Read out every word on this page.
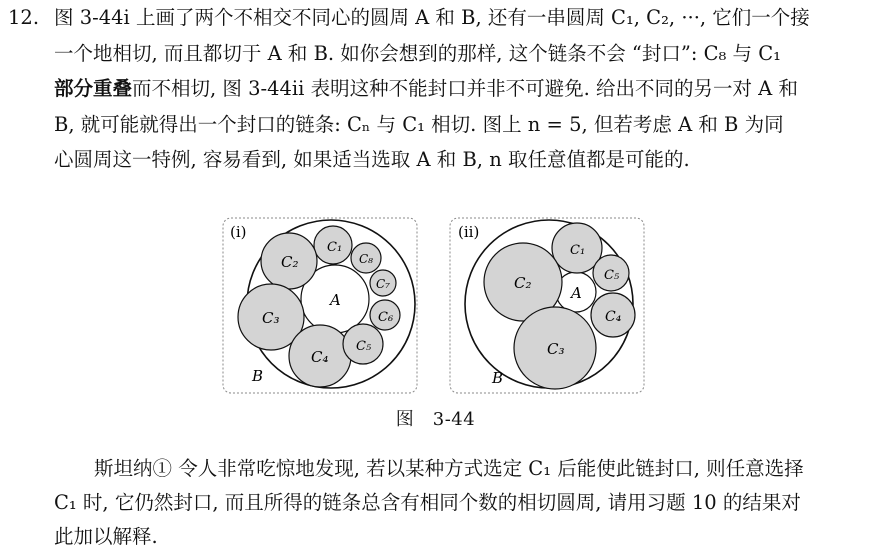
12. 图 3-44i 上画了两个不相交不同心的圆周 A 和 B, 还有一串圆周 C₁, C₂, ···, 它们一个接
一个地相切, 而且都切于 A 和 B. 如你会想到的那样, 这个链条不会 “封口”: C₈ 与 C₁
部分重叠而不相切, 图 3-44ii 表明这种不能封口并非不可避免. 给出不同的另一对 A 和
B, 就可能就得出一个封口的链条: Cₙ 与 C₁ 相切. 图上 n = 5, 但若考虑 A 和 B 为同
心圆周这一特例, 容易看到, 如果适当选取 A 和 B, n 取任意值都是可能的.
(i)
A
C₁
C₂
C₃
C₄
C₅
C₆
C₇
C₈
B
(ii)
A
C₁
C₂
C₃
C₄
C₅
B
图　3-44
斯坦纳① 令人非常吃惊地发现, 若以某种方式选定 C₁ 后能使此链封口, 则任意选择
C₁ 时, 它仍然封口, 而且所得的链条总含有相同个数的相切圆周, 请用习题 10 的结果对
此加以解释.
